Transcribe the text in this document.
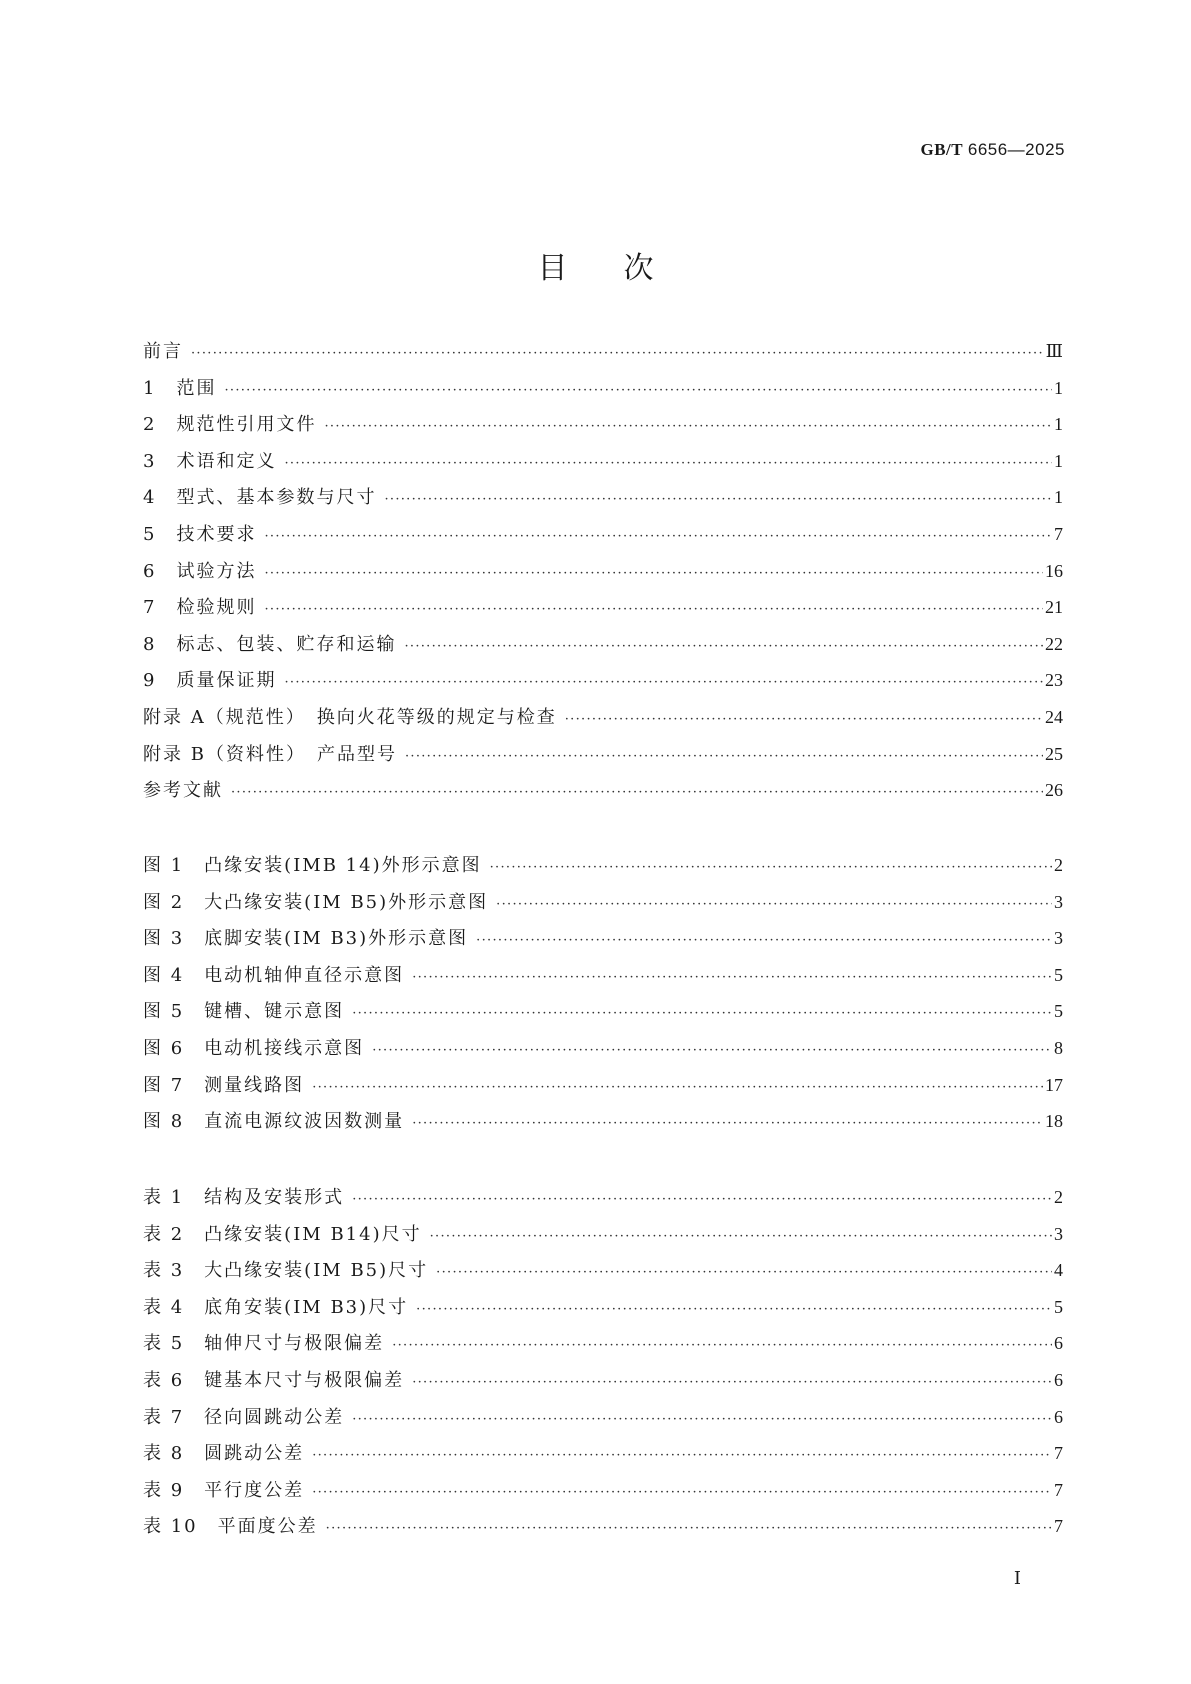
GB/T 6656—2025
目次
前言 ·····	Ⅲ
1　范围 ·····	1
2　规范性引用文件 ·····	1
3　术语和定义 ·····	1
4　型式、基本参数与尺寸 ·····	1
5　技术要求 ·····	7
6　试验方法 ·····	16
7　检验规则 ·····	21
8　标志、包装、贮存和运输 ·····	22
9　质量保证期 ·····	23
附录 A（规范性）　换向火花等级的规定与检查 ·····	24
附录 B（资料性）　产品型号 ·····	25
参考文献 ·····	26
图 1　凸缘安装(IMB 14)外形示意图 ·····	2
图 2　大凸缘安装(IM B5)外形示意图 ·····	3
图 3　底脚安装(IM B3)外形示意图 ·····	3
图 4　电动机轴伸直径示意图 ·····	5
图 5　键槽、键示意图 ·····	5
图 6　电动机接线示意图 ·····	8
图 7　测量线路图 ·····	17
图 8　直流电源纹波因数测量 ·····	18
表 1　结构及安装形式 ·····	2
表 2　凸缘安装(IM B14)尺寸 ·····	3
表 3　大凸缘安装(IM B5)尺寸 ·····	4
表 4　底角安装(IM B3)尺寸 ·····	5
表 5　轴伸尺寸与极限偏差 ·····	6
表 6　键基本尺寸与极限偏差 ·····	6
表 7　径向圆跳动公差 ·····	6
表 8　圆跳动公差 ·····	7
表 9　平行度公差 ·····	7
表 10　平面度公差 ·····	7
Ⅰ
